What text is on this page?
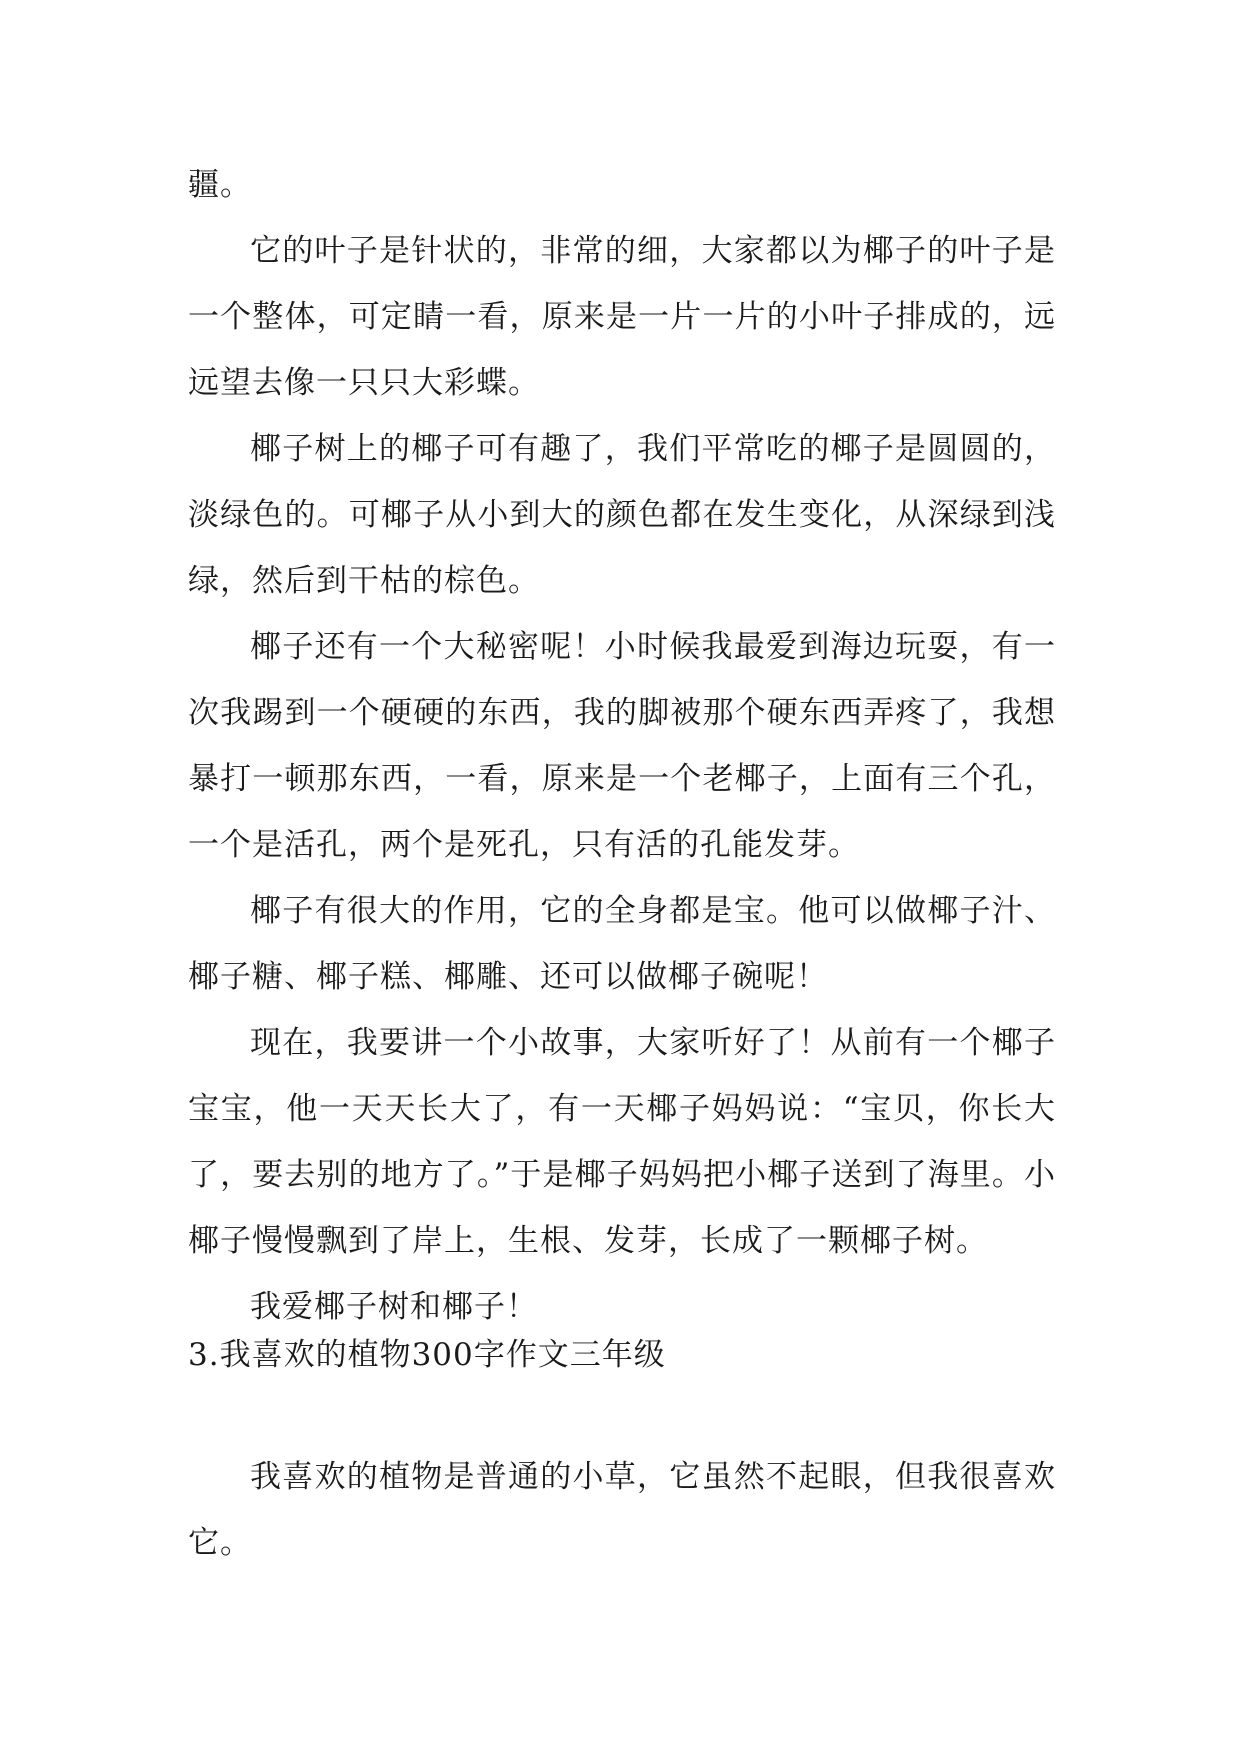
疆。

它的叶子是针状的，非常的细，大家都以为椰子的叶子是一个整体，可定睛一看，原来是一片一片的小叶子排成的，远远望去像一只只大彩蝶。

椰子树上的椰子可有趣了，我们平常吃的椰子是圆圆的，淡绿色的。可椰子从小到大的颜色都在发生变化，从深绿到浅绿，然后到干枯的棕色。

椰子还有一个大秘密呢！小时候我最爱到海边玩耍，有一次我踢到一个硬硬的东西，我的脚被那个硬东西弄疼了，我想暴打一顿那东西，一看，原来是一个老椰子，上面有三个孔，一个是活孔，两个是死孔，只有活的孔能发芽。

椰子有很大的作用，它的全身都是宝。他可以做椰子汁、椰子糖、椰子糕、椰雕、还可以做椰子碗呢！

现在，我要讲一个小故事，大家听好了！从前有一个椰子宝宝，他一天天长大了，有一天椰子妈妈说：“宝贝，你长大了，要去别的地方了。”于是椰子妈妈把小椰子送到了海里。小椰子慢慢飘到了岸上，生根、发芽，长成了一颗椰子树。

我爱椰子树和椰子！

3.我喜欢的植物300字作文三年级

我喜欢的植物是普通的小草，它虽然不起眼，但我很喜欢它。
